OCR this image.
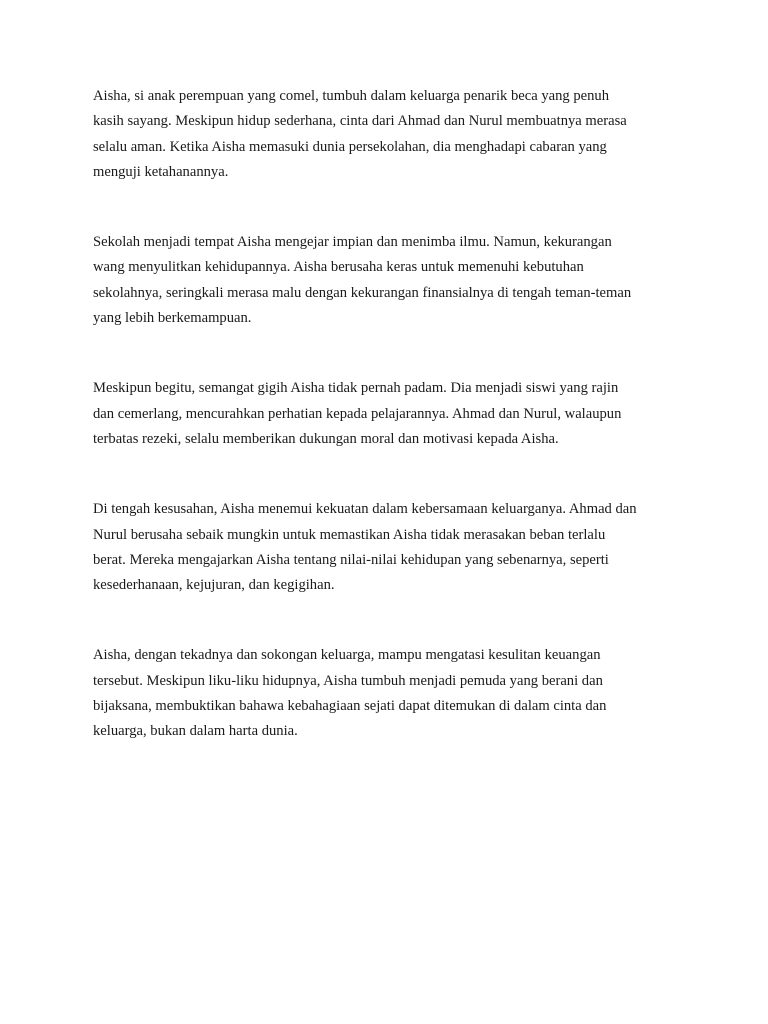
Aisha, si anak perempuan yang comel, tumbuh dalam keluarga penarik beca yang penuh
kasih sayang. Meskipun hidup sederhana, cinta dari Ahmad dan Nurul membuatnya merasa
selalu aman. Ketika Aisha memasuki dunia persekolahan, dia menghadapi cabaran yang
menguji ketahanannya.

Sekolah menjadi tempat Aisha mengejar impian dan menimba ilmu. Namun, kekurangan
wang menyulitkan kehidupannya. Aisha berusaha keras untuk memenuhi kebutuhan
sekolahnya, seringkali merasa malu dengan kekurangan finansialnya di tengah teman-teman
yang lebih berkemampuan.

Meskipun begitu, semangat gigih Aisha tidak pernah padam. Dia menjadi siswi yang rajin
dan cemerlang, mencurahkan perhatian kepada pelajarannya. Ahmad dan Nurul, walaupun
terbatas rezeki, selalu memberikan dukungan moral dan motivasi kepada Aisha.

Di tengah kesusahan, Aisha menemui kekuatan dalam kebersamaan keluarganya. Ahmad dan
Nurul berusaha sebaik mungkin untuk memastikan Aisha tidak merasakan beban terlalu
berat. Mereka mengajarkan Aisha tentang nilai-nilai kehidupan yang sebenarnya, seperti
kesederhanaan, kejujuran, dan kegigihan.

Aisha, dengan tekadnya dan sokongan keluarga, mampu mengatasi kesulitan keuangan
tersebut. Meskipun liku-liku hidupnya, Aisha tumbuh menjadi pemuda yang berani dan
bijaksana, membuktikan bahawa kebahagiaan sejati dapat ditemukan di dalam cinta dan
keluarga, bukan dalam harta dunia.
